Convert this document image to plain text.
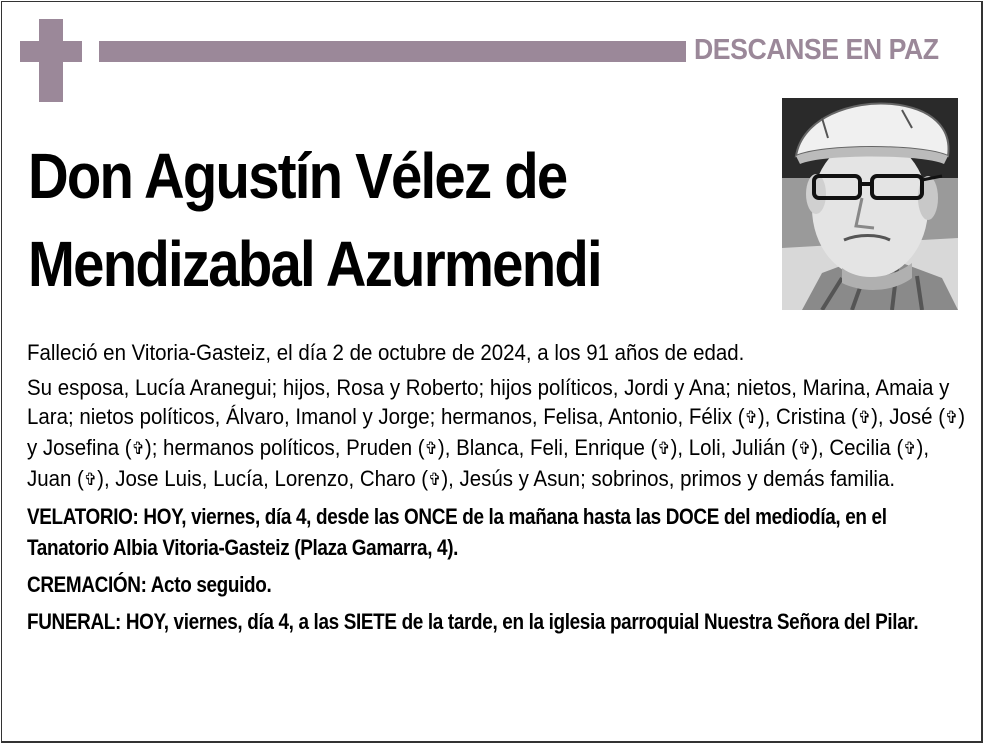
DESCANSE EN PAZ
Don Agustín Vélez de
Mendizabal Azurmendi

Falleció en Vitoria-Gasteiz, el día 2 de octubre de 2024, a los 91 años de edad.

Su esposa, Lucía Aranegui; hijos, Rosa y Roberto; hijos políticos, Jordi y Ana; nietos, Marina, Amaia y Lara; nietos políticos, Álvaro, Imanol y Jorge; hermanos, Felisa, Antonio, Félix (✞), Cristina (✞), José (✞) y Josefina (✞); hermanos políticos, Pruden (✞), Blanca, Feli, Enrique (✞), Loli, Julián (✞), Cecilia (✞), Juan (✞), Jose Luis, Lucía, Lorenzo, Charo (✞), Jesús y Asun; sobrinos, primos y demás familia.

VELATORIO: HOY, viernes, día 4, desde las ONCE de la mañana hasta las DOCE del mediodía, en el Tanatorio Albia Vitoria-Gasteiz (Plaza Gamarra, 4).

CREMACIÓN: Acto seguido.

FUNERAL: HOY, viernes, día 4, a las SIETE de la tarde, en la iglesia parroquial Nuestra Señora del Pilar.
